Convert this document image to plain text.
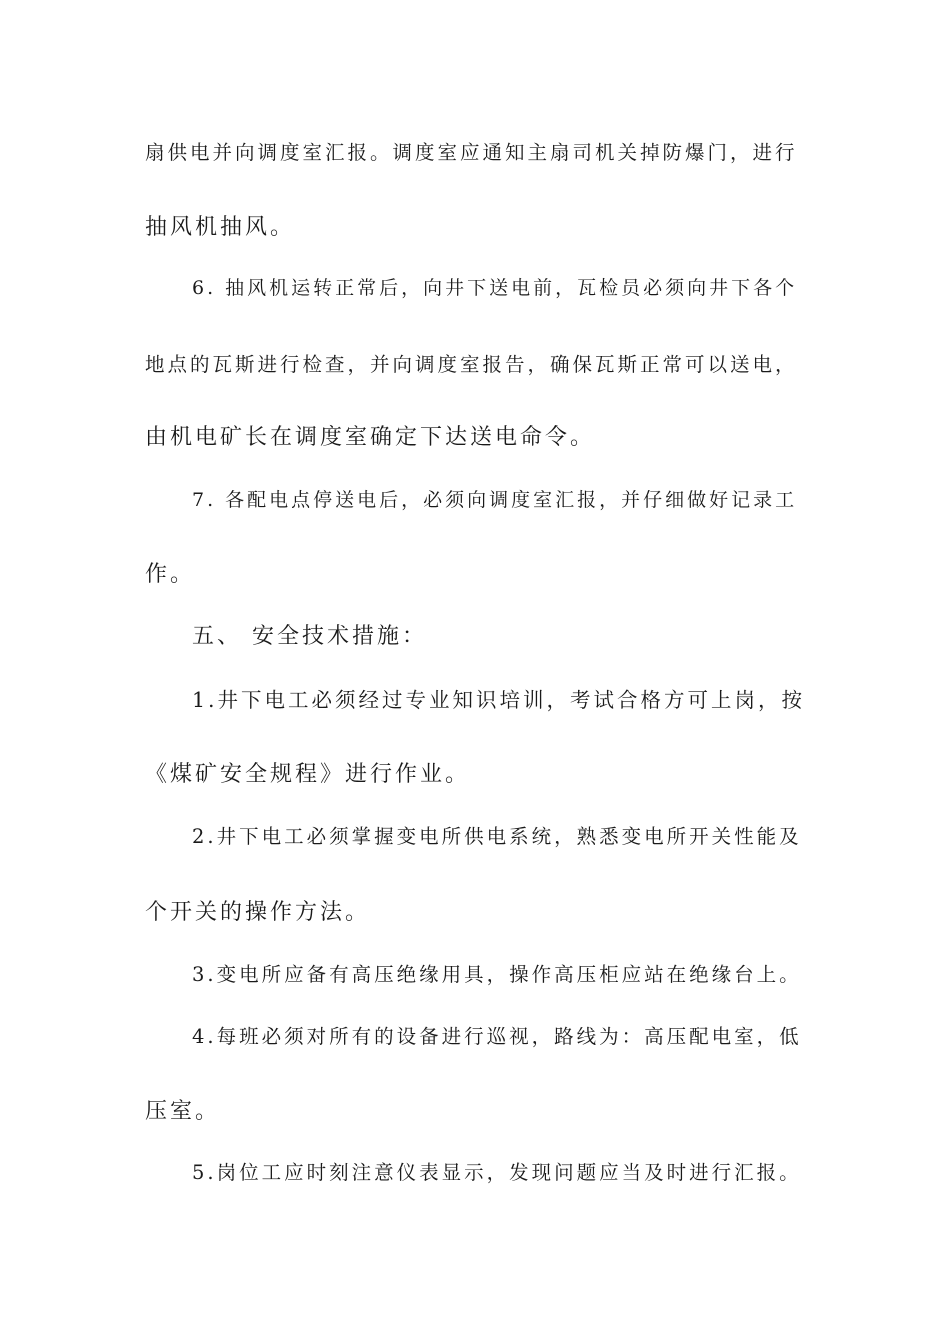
扇供电并向调度室汇报。调度室应通知主扇司机关掉防爆门，进行
抽风机抽风。
6. 抽风机运转正常后，向井下送电前，瓦检员必须向井下各个
地点的瓦斯进行检查，并向调度室报告，确保瓦斯正常可以送电，
由机电矿长在调度室确定下达送电命令。
7. 各配电点停送电后，必须向调度室汇报，并仔细做好记录工
作。
五、 安全技术措施：
1.井下电工必须经过专业知识培训，考试合格方可上岗，按
《煤矿安全规程》进行作业。
2.井下电工必须掌握变电所供电系统，熟悉变电所开关性能及
个开关的操作方法。
3.变电所应备有高压绝缘用具，操作高压柜应站在绝缘台上。
4.每班必须对所有的设备进行巡视，路线为：高压配电室，低
压室。
5.岗位工应时刻注意仪表显示，发现问题应当及时进行汇报。
